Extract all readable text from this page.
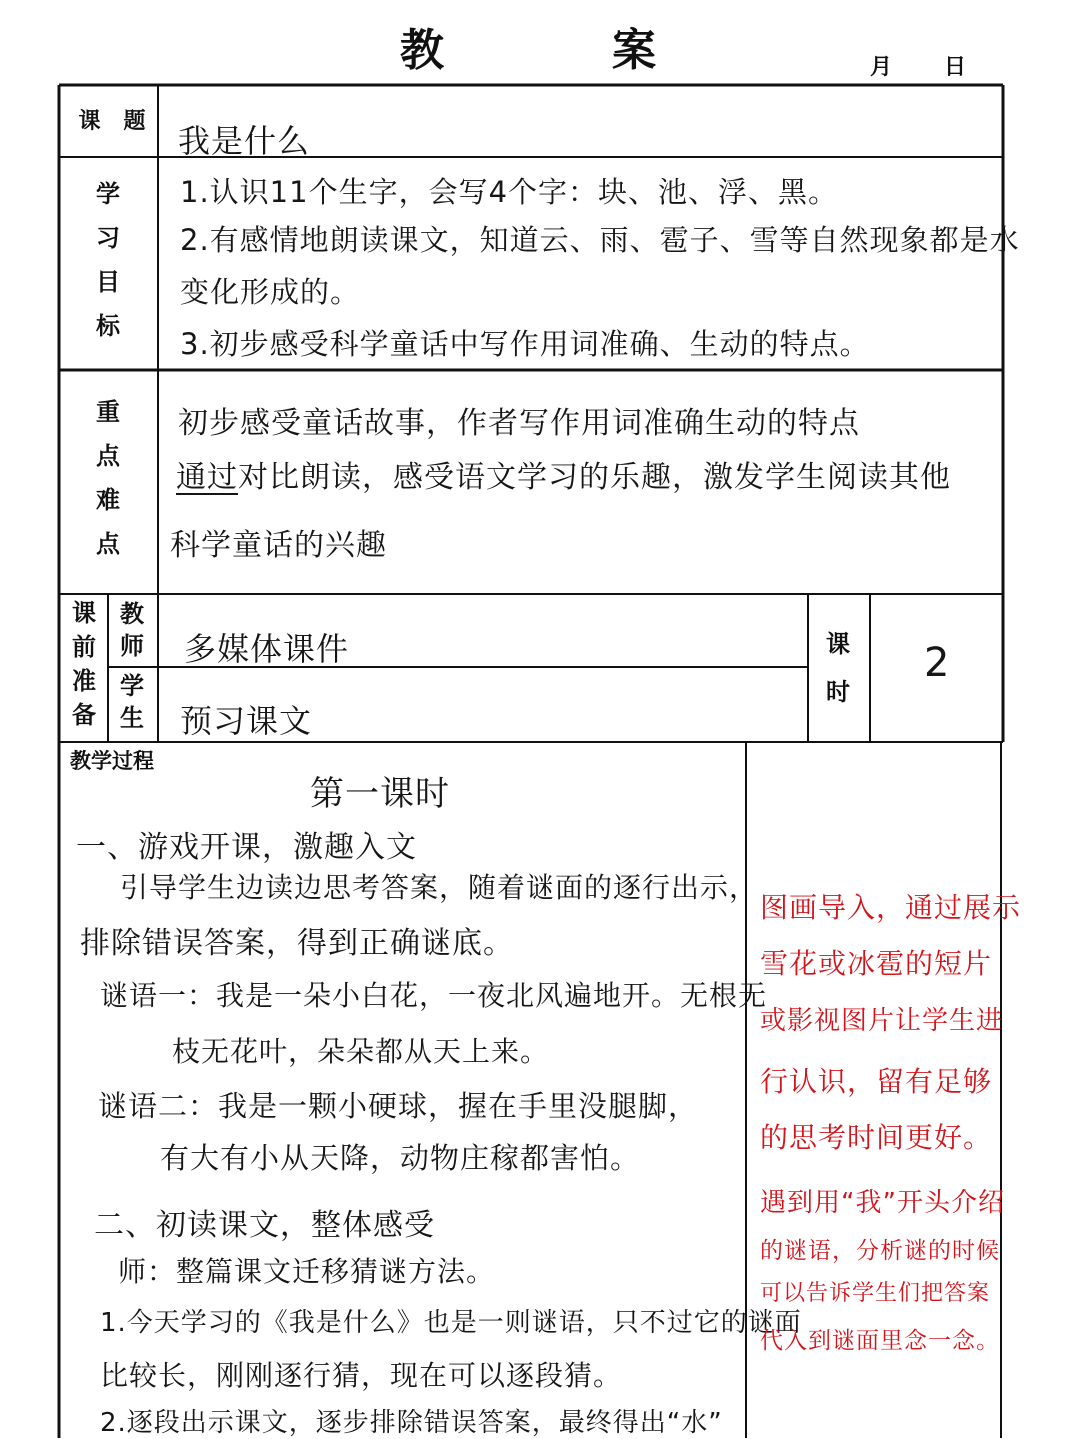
教	案	月 日
课 题
我是什么
学
习
目
标
1.认识11个生字，会写4个字：块、池、浮、黑。
2.有感情地朗读课文，知道云、雨、雹子、雪等自然现象都是水
变化形成的。
3.初步感受科学童话中写作用词准确、生动的特点。
重
点
难
点
初步感受童话故事，作者写作用词准确生动的特点
通过对比朗读，感受语文学习的乐趣，激发学生阅读其他
科学童话的兴趣
课
前
准
备
教
师
学
生
多媒体课件
预习课文
课
时
2
教学过程
第一课时
一、游戏开课，激趣入文
引导学生边读边思考答案，随着谜面的逐行出示，
排除错误答案，得到正确谜底。
谜语一：我是一朵小白花，一夜北风遍地开。无根无
枝无花叶，朵朵都从天上来。
谜语二：我是一颗小硬球，握在手里没腿脚，
有大有小从天降，动物庄稼都害怕。
二、初读课文，整体感受
师：整篇课文迁移猜谜方法。
1.今天学习的《我是什么》也是一则谜语，只不过它的谜面
比较长，刚刚逐行猜，现在可以逐段猜。
2.逐段出示课文，逐步排除错误答案，最终得出“水”
图画导入，通过展示
雪花或冰雹的短片
或影视图片让学生进
行认识，留有足够
的思考时间更好。
遇到用“我”开头介绍
的谜语，分析谜的时候
可以告诉学生们把答案
代入到谜面里念一念。
